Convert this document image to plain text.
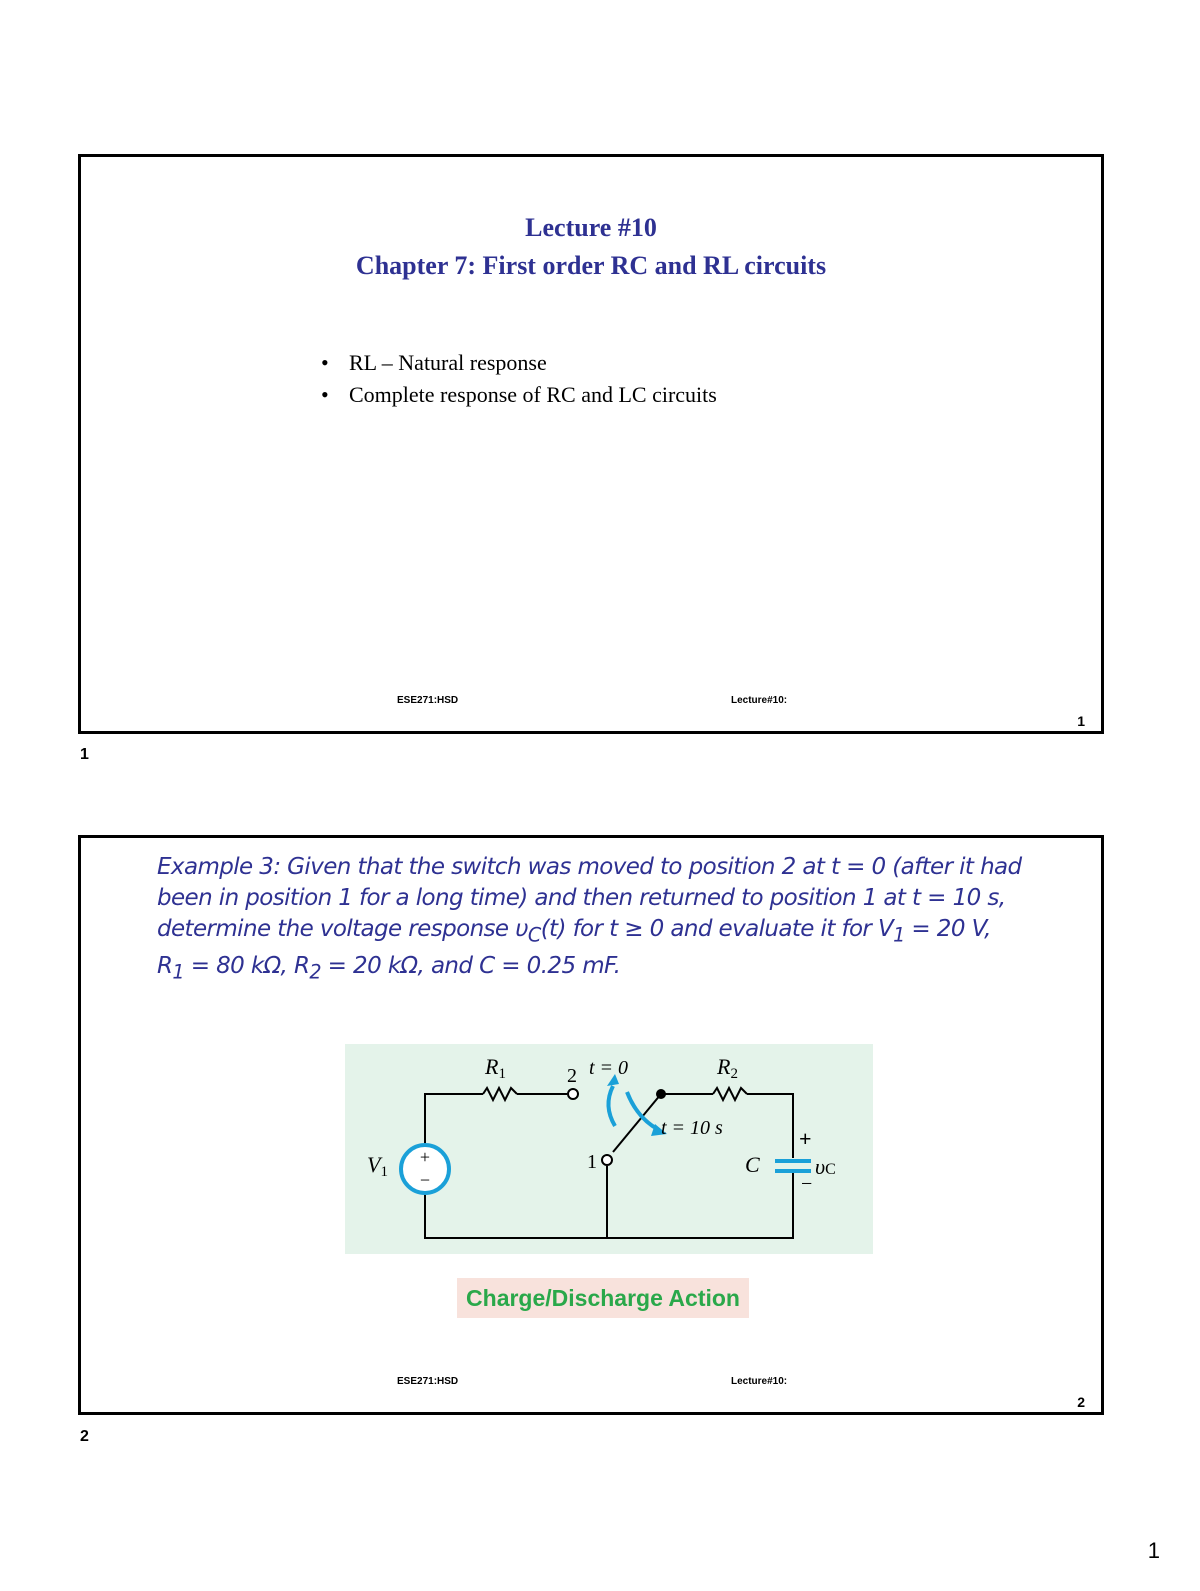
Lecture #10
Chapter 7: First order RC and RL circuits
• RL – Natural response
• Complete response of RC and LC circuits
ESE271:HSD	Lecture#10:
1
1
Example 3: Given that the switch was moved to position 2 at t = 0 (after it had
been in position 1 for a long time) and then returned to position 1 at t = 10 s,
determine the voltage response $\upsilon_C(t)$ for t ≥ 0 and evaluate it for $V_1 = 20$ V,
$R_1 = 80$ kΩ, $R_2 = 20$ kΩ, and C = 0.25 mF.
+
−
R1	R2
2
1
t = 0
t = 10 s
V1	C
+
−
υC
Charge/Discharge Action
ESE271:HSD	Lecture#10:
2
2
1
